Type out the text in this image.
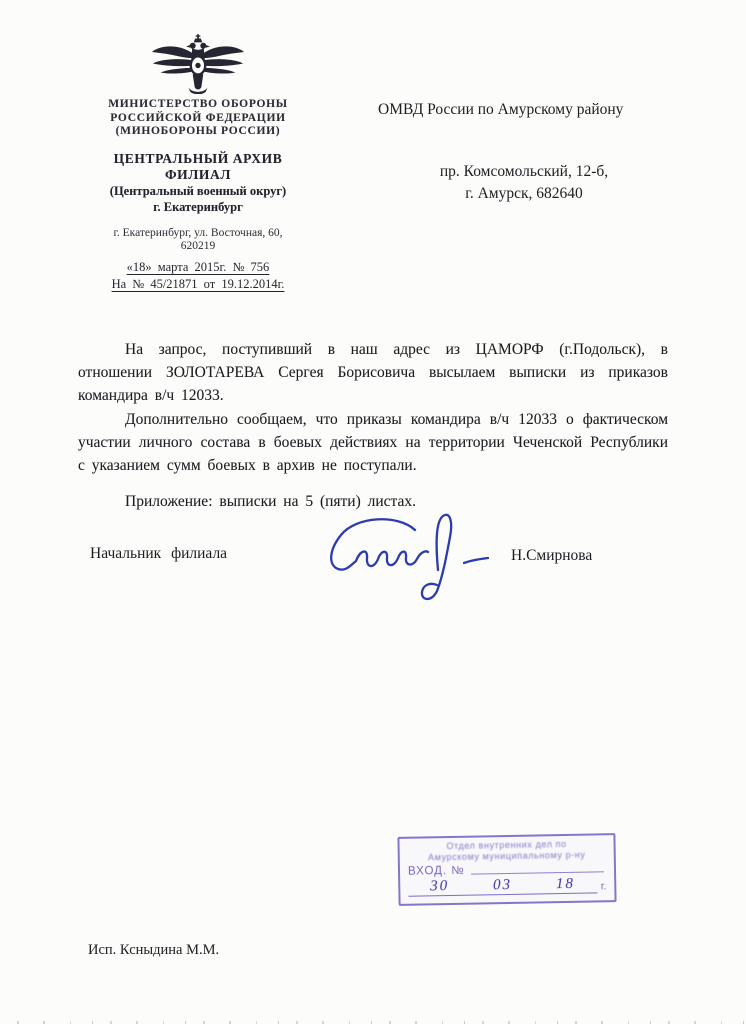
МИНИСТЕРСТВО ОБОРОНЫ
РОССИЙСКОЙ ФЕДЕРАЦИИ
(МИНОБОРОНЫ РОССИИ)
ЦЕНТРАЛЬНЫЙ АРХИВ
ФИЛИАЛ
(Центральный военный округ)
г. Екатеринбург
г. Екатеринбург, ул. Восточная, 60,
620219
«18» марта 2015г. № 756
На № 45/21871 от 19.12.2014г.
ОМВД России по Амурскому району
пр. Комсомольский, 12-б,
г. Амурск, 682640

На запрос, поступивший в наш адрес из ЦАМОРФ (г.Подольск), в отношении ЗОЛОТАРЕВА Сергея Борисовича высылаем выписки из приказов командира в/ч 12033.

Дополнительно сообщаем, что приказы командира в/ч 12033 о фактическом участии личного состава в боевых действиях на территории Чеченской Республики с указанием сумм боевых в архив не поступали.

Приложение: выписки на 5 (пяти) листах.

Начальник филиала	Н.Смирнова
Отдел внутренних дел по
Амурскому муниципальному р-ну
ВХОД. №
30	03	18	г.
Исп. Ксныдина М.М.
